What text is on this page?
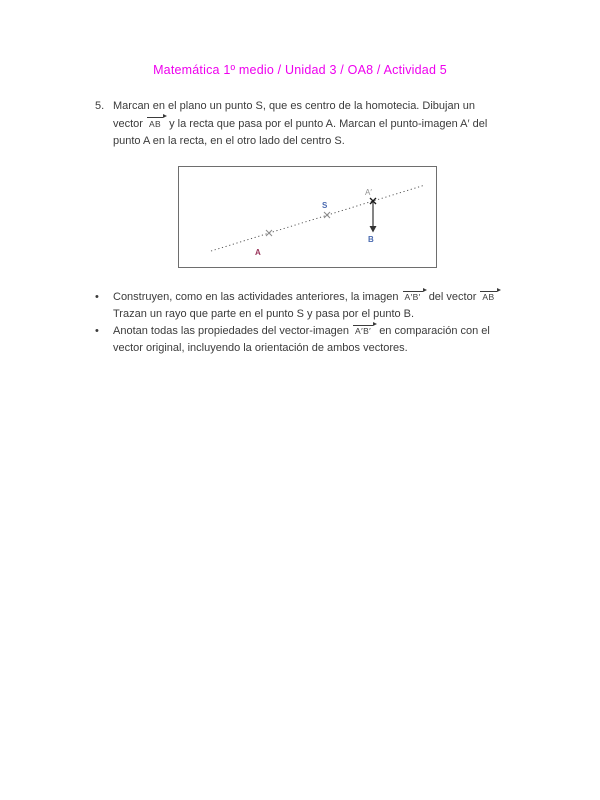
Matemática 1º medio / Unidad 3 / OA8 / Actividad 5
5. Marcan en el plano un punto S, que es centro de la homotecia. Dibujan un
vector AB y la recta que pasa por el punto A. Marcan el punto-imagen A′ del
punto A en la recta, en el otro lado del centro S.
A
S
A′
B
•	Construyen, como en las actividades anteriores, la imagen A′B′ del vector AB
Trazan un rayo que parte en el punto S y pasa por el punto B.
•	Anotan todas las propiedades del vector-imagen A′B′ en comparación con el
vector original, incluyendo la orientación de ambos vectores.
